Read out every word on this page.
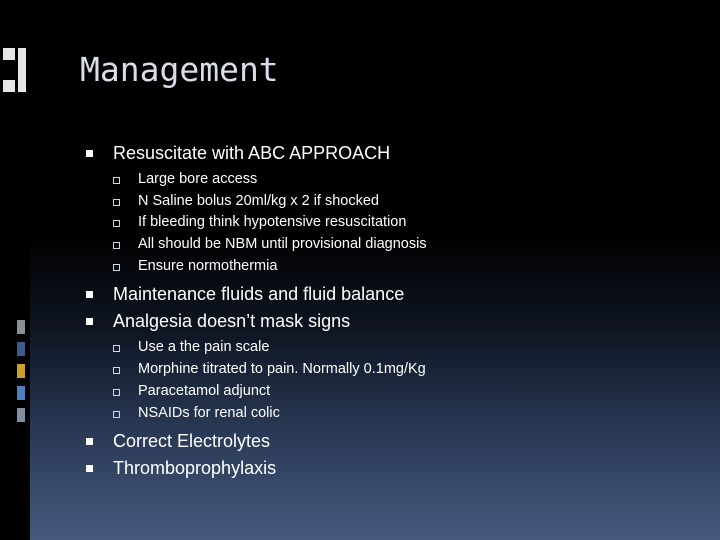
Management
Resuscitate with ABC APPROACH
Large bore access
N Saline bolus 20ml/kg x 2 if shocked
If bleeding think hypotensive resuscitation
All should be NBM until provisional diagnosis
Ensure normothermia
Maintenance fluids and fluid balance
Analgesia doesn’t mask signs
Use a the pain scale
Morphine titrated to pain. Normally 0.1mg/Kg
Paracetamol adjunct
NSAIDs for renal colic
Correct Electrolytes
Thromboprophylaxis
